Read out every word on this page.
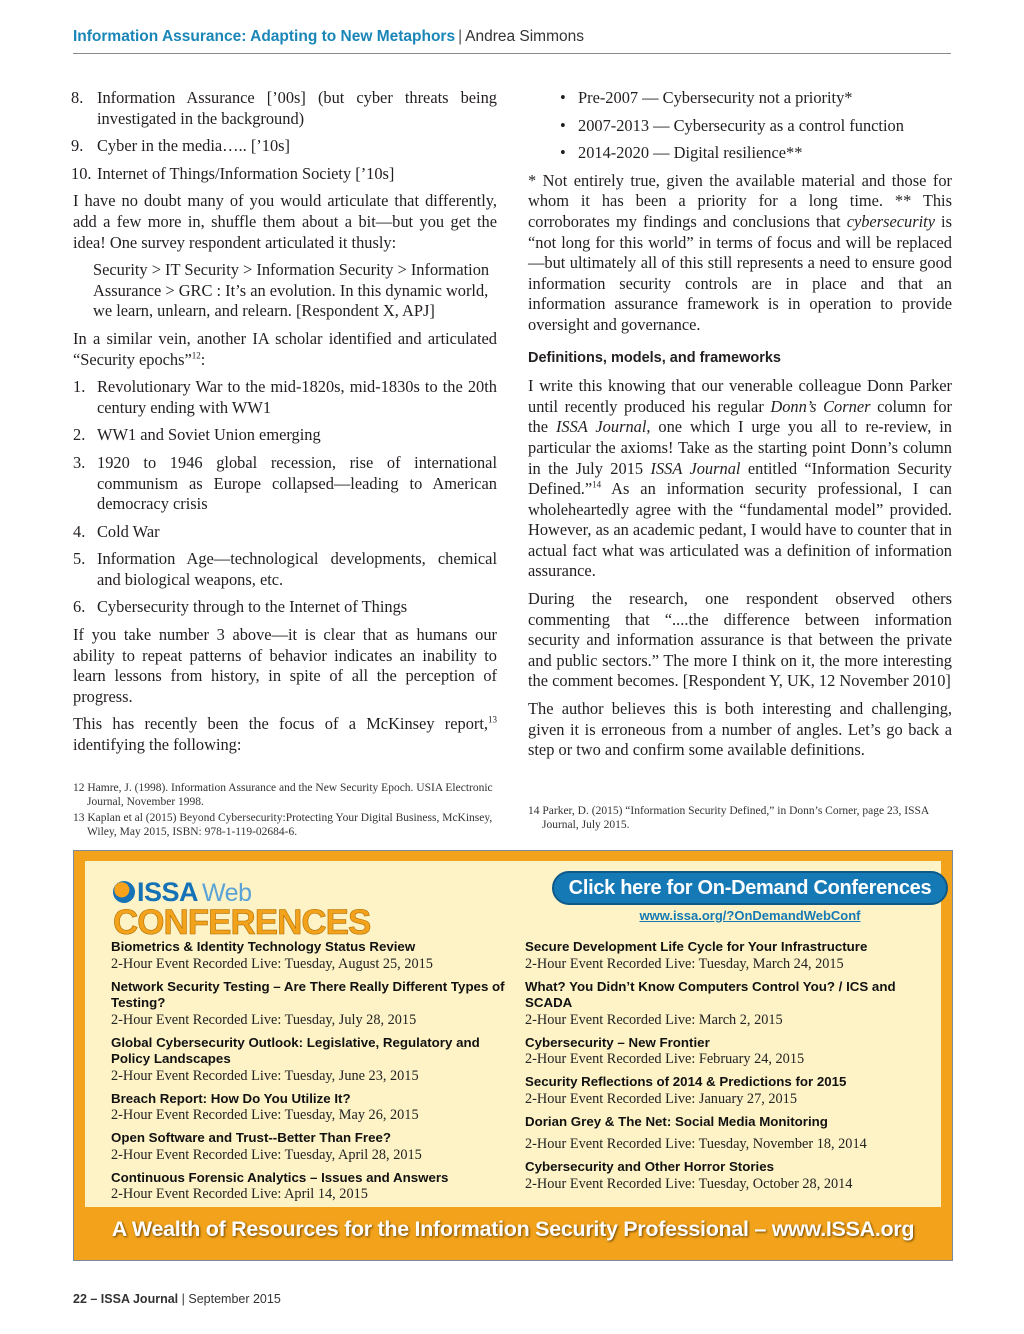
Information Assurance: Adapting to New Metaphors | Andrea Simmons
8. Information Assurance [’00s] (but cyber threats being investigated in the background)
9. Cyber in the media….. [’10s]
10. Internet of Things/Information Society [’10s]

I have no doubt many of you would articulate that differently, add a few more in, shuffle them about a bit—but you get the idea! One survey respondent articulated it thusly:

Security > IT Security > Information Security > Information Assurance > GRC : It’s an evolution. In this dynamic world, we learn, unlearn, and relearn. [Respondent X, APJ]

In a similar vein, another IA scholar identified and articulated “Security epochs”$^{12}$:

1. Revolutionary War to the mid-1820s, mid-1830s to the 20th century ending with WW1
2. WW1 and Soviet Union emerging
3. 1920 to 1946 global recession, rise of international communism as Europe collapsed—leading to American democracy crisis
4. Cold War
5. Information Age—technological developments, chemical and biological weapons, etc.
6. Cybersecurity through to the Internet of Things

If you take number 3 above—it is clear that as humans our ability to repeat patterns of behavior indicates an inability to learn lessons from history, in spite of all the perception of progress.

This has recently been the focus of a McKinsey report,$^{13}$ identifying the following:

12 Hamre, J. (1998). Information Assurance and the New Security Epoch. USIA Electronic Journal, November 1998.
13 Kaplan et al (2015) Beyond Cybersecurity:Protecting Your Digital Business, McKinsey, Wiley, May 2015, ISBN: 978-1-119-02684-6.
• Pre-2007 — Cybersecurity not a priority*
• 2007-2013 — Cybersecurity as a control function
• 2014-2020 — Digital resilience**

* Not entirely true, given the available material and those for whom it has been a priority for a long time. ** This corroborates my findings and conclusions that cybersecurity is “not long for this world” in terms of focus and will be replaced—but ultimately all of this still represents a need to ensure good information security controls are in place and that an information assurance framework is in operation to provide oversight and governance.

Definitions, models, and frameworks

I write this knowing that our venerable colleague Donn Parker until recently produced his regular Donn’s Corner column for the ISSA Journal, one which I urge you all to re-review, in particular the axioms! Take as the starting point Donn’s column in the July 2015 ISSA Journal entitled “Information Security Defined.”$^{14}$ As an information security professional, I can wholeheartedly agree with the “fundamental model” provided. However, as an academic pedant, I would have to counter that in actual fact what was articulated was a definition of information assurance.

During the research, one respondent observed others commenting that “....the difference between information security and information assurance is that between the private and public sectors.” The more I think on it, the more interesting the comment becomes. [Respondent Y, UK, 12 November 2010]

The author believes this is both interesting and challenging, given it is erroneous from a number of angles. Let’s go back a step or two and confirm some available definitions.

14 Parker, D. (2015) “Information Security Defined,” in Donn’s Corner, page 23, ISSA Journal, July 2015.
ISSA Web
CONFERENCES
Click here for On-Demand Conferences
www.issa.org/?OnDemandWebConf
Biometrics & Identity Technology Status Review
2-Hour Event Recorded Live: Tuesday, August 25, 2015
Network Security Testing – Are There Really Different Types of Testing?
2-Hour Event Recorded Live: Tuesday, July 28, 2015
Global Cybersecurity Outlook: Legislative, Regulatory and Policy Landscapes
2-Hour Event Recorded Live: Tuesday, June 23, 2015
Breach Report: How Do You Utilize It?
2-Hour Event Recorded Live: Tuesday, May 26, 2015
Open Software and Trust--Better Than Free?
2-Hour Event Recorded Live: Tuesday, April 28, 2015
Continuous Forensic Analytics – Issues and Answers
2-Hour Event Recorded Live: April 14, 2015
Secure Development Life Cycle for Your Infrastructure
2-Hour Event Recorded Live: Tuesday, March 24, 2015
What? You Didn’t Know Computers Control You? / ICS and SCADA
2-Hour Event Recorded Live: March 2, 2015
Cybersecurity – New Frontier
2-Hour Event Recorded Live: February 24, 2015
Security Reflections of 2014 & Predictions for 2015
2-Hour Event Recorded Live: January 27, 2015
Dorian Grey & The Net: Social Media Monitoring
2-Hour Event Recorded Live: Tuesday, November 18, 2014
Cybersecurity and Other Horror Stories
2-Hour Event Recorded Live: Tuesday, October 28, 2014
A Wealth of Resources for the Information Security Professional – www.ISSA.org
22 – ISSA Journal | September 2015
